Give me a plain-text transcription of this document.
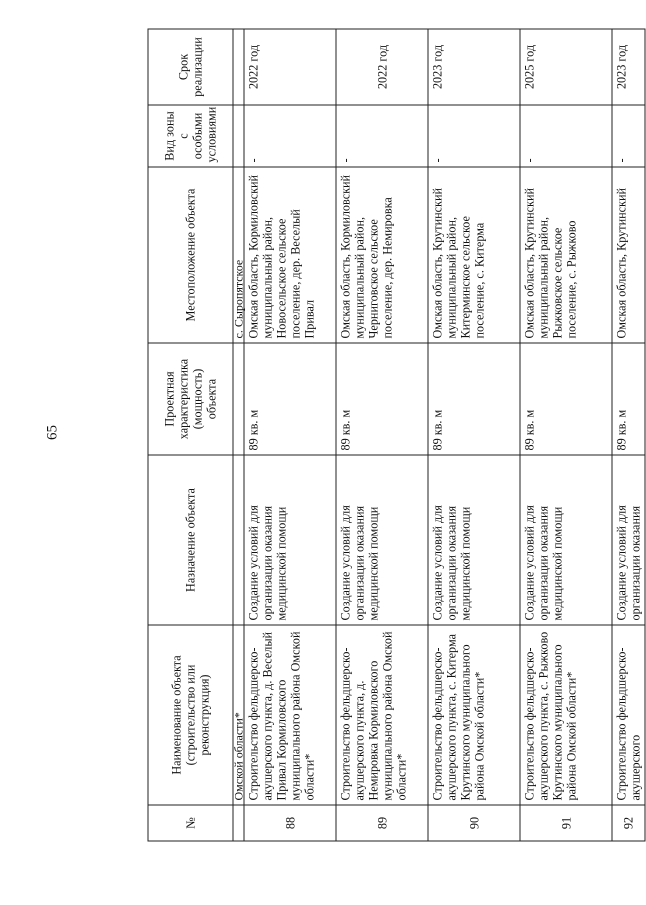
65
№	Наименование объекта (строительство или реконструкция)	Назначение объекта	Проектная характеристика (мощность) объекта	Местоположение объекта	Вид зоны с особыми условиями	Срок реализации
	Омской области*			с. Сыропятское		
88	Строительство фельдшерско-акушерского пункта, д. Веселый Привал Кормиловского муниципального района Омской области*	Создание условий для организации оказания медицинской помощи	89 кв. м	Омская область, Кормиловский муниципальный район, Новосельское сельское поселение, дер. Веселый Привал	-	2022 год
89	Строительство фельдшерско-акушерского пункта, д. Немировка Кормиловского муниципального района Омской области*	Создание условий для организации оказания медицинской помощи	89 кв. м	Омская область, Кормиловский муниципальный район, Черниговское сельское поселение, дер. Немировка	-	2022 год
90	Строительство фельдшерско-акушерского пункта, с. Китерма Крутинского муниципального района Омской области*	Создание условий для организации оказания медицинской помощи	89 кв. м	Омская область, Крутинский муниципальный район, Китерминское сельское поселение, с. Китерма	-	2023 год
91	Строительство фельдшерско-акушерского пункта, с. Рыжково Крутинского муниципального района Омской области*	Создание условий для организации оказания медицинской помощи	89 кв. м	Омская область, Крутинский муниципальный район, Рыжковское сельское поселение, с. Рыжково	-	2025 год
92	Строительство фельдшерско-акушерского	Создание условий для организации оказания	89 кв. м	Омская область, Крутинский	-	2023 год
